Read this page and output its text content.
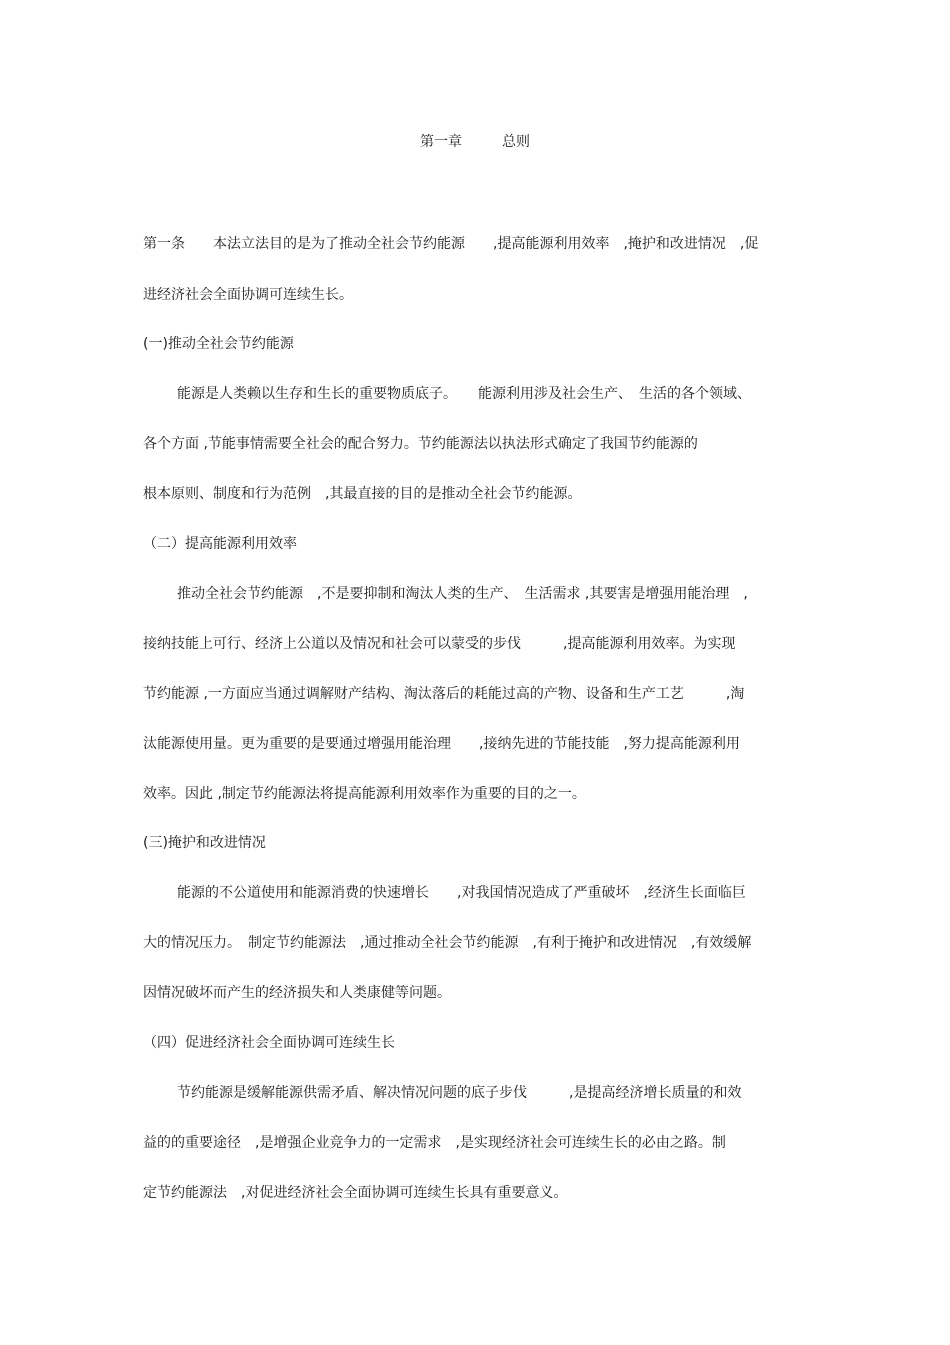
第一章	总则
第一条　　本法立法目的是为了推动全社会节约能源　　,提高能源利用效率　,掩护和改进情况　,促
进经济社会全面协调可连续生长。
(一)推动全社会节约能源
能源是人类赖以生存和生长的重要物质底子。　　能源利用涉及社会生产、　生活的各个领域、
各个方面 ,节能事情需要全社会的配合努力。节约能源法以执法形式确定了我国节约能源的
根本原则、制度和行为范例　,其最直接的目的是推动全社会节约能源。
（二）提高能源利用效率
推动全社会节约能源　,不是要抑制和淘汰人类的生产、　生活需求 ,其要害是增强用能治理　,
接纳技能上可行、经济上公道以及情况和社会可以蒙受的步伐　　　,提高能源利用效率。为实现
节约能源 ,一方面应当通过调解财产结构、淘汰落后的耗能过高的产物、设备和生产工艺　　　,淘
汰能源使用量。更为重要的是要通过增强用能治理　　,接纳先进的节能技能　,努力提高能源利用
效率。因此 ,制定节约能源法将提高能源利用效率作为重要的目的之一。
(三)掩护和改进情况
能源的不公道使用和能源消费的快速增长　　,对我国情况造成了严重破坏　,经济生长面临巨
大的情况压力。　制定节约能源法　,通过推动全社会节约能源　,有利于掩护和改进情况　,有效缓解
因情况破坏而产生的经济损失和人类康健等问题。
（四）促进经济社会全面协调可连续生长
节约能源是缓解能源供需矛盾、解决情况问题的底子步伐　　　,是提高经济增长质量的和效
益的的重要途径　,是增强企业竞争力的一定需求　,是实现经济社会可连续生长的必由之路。制
定节约能源法　,对促进经济社会全面协调可连续生长具有重要意义。
